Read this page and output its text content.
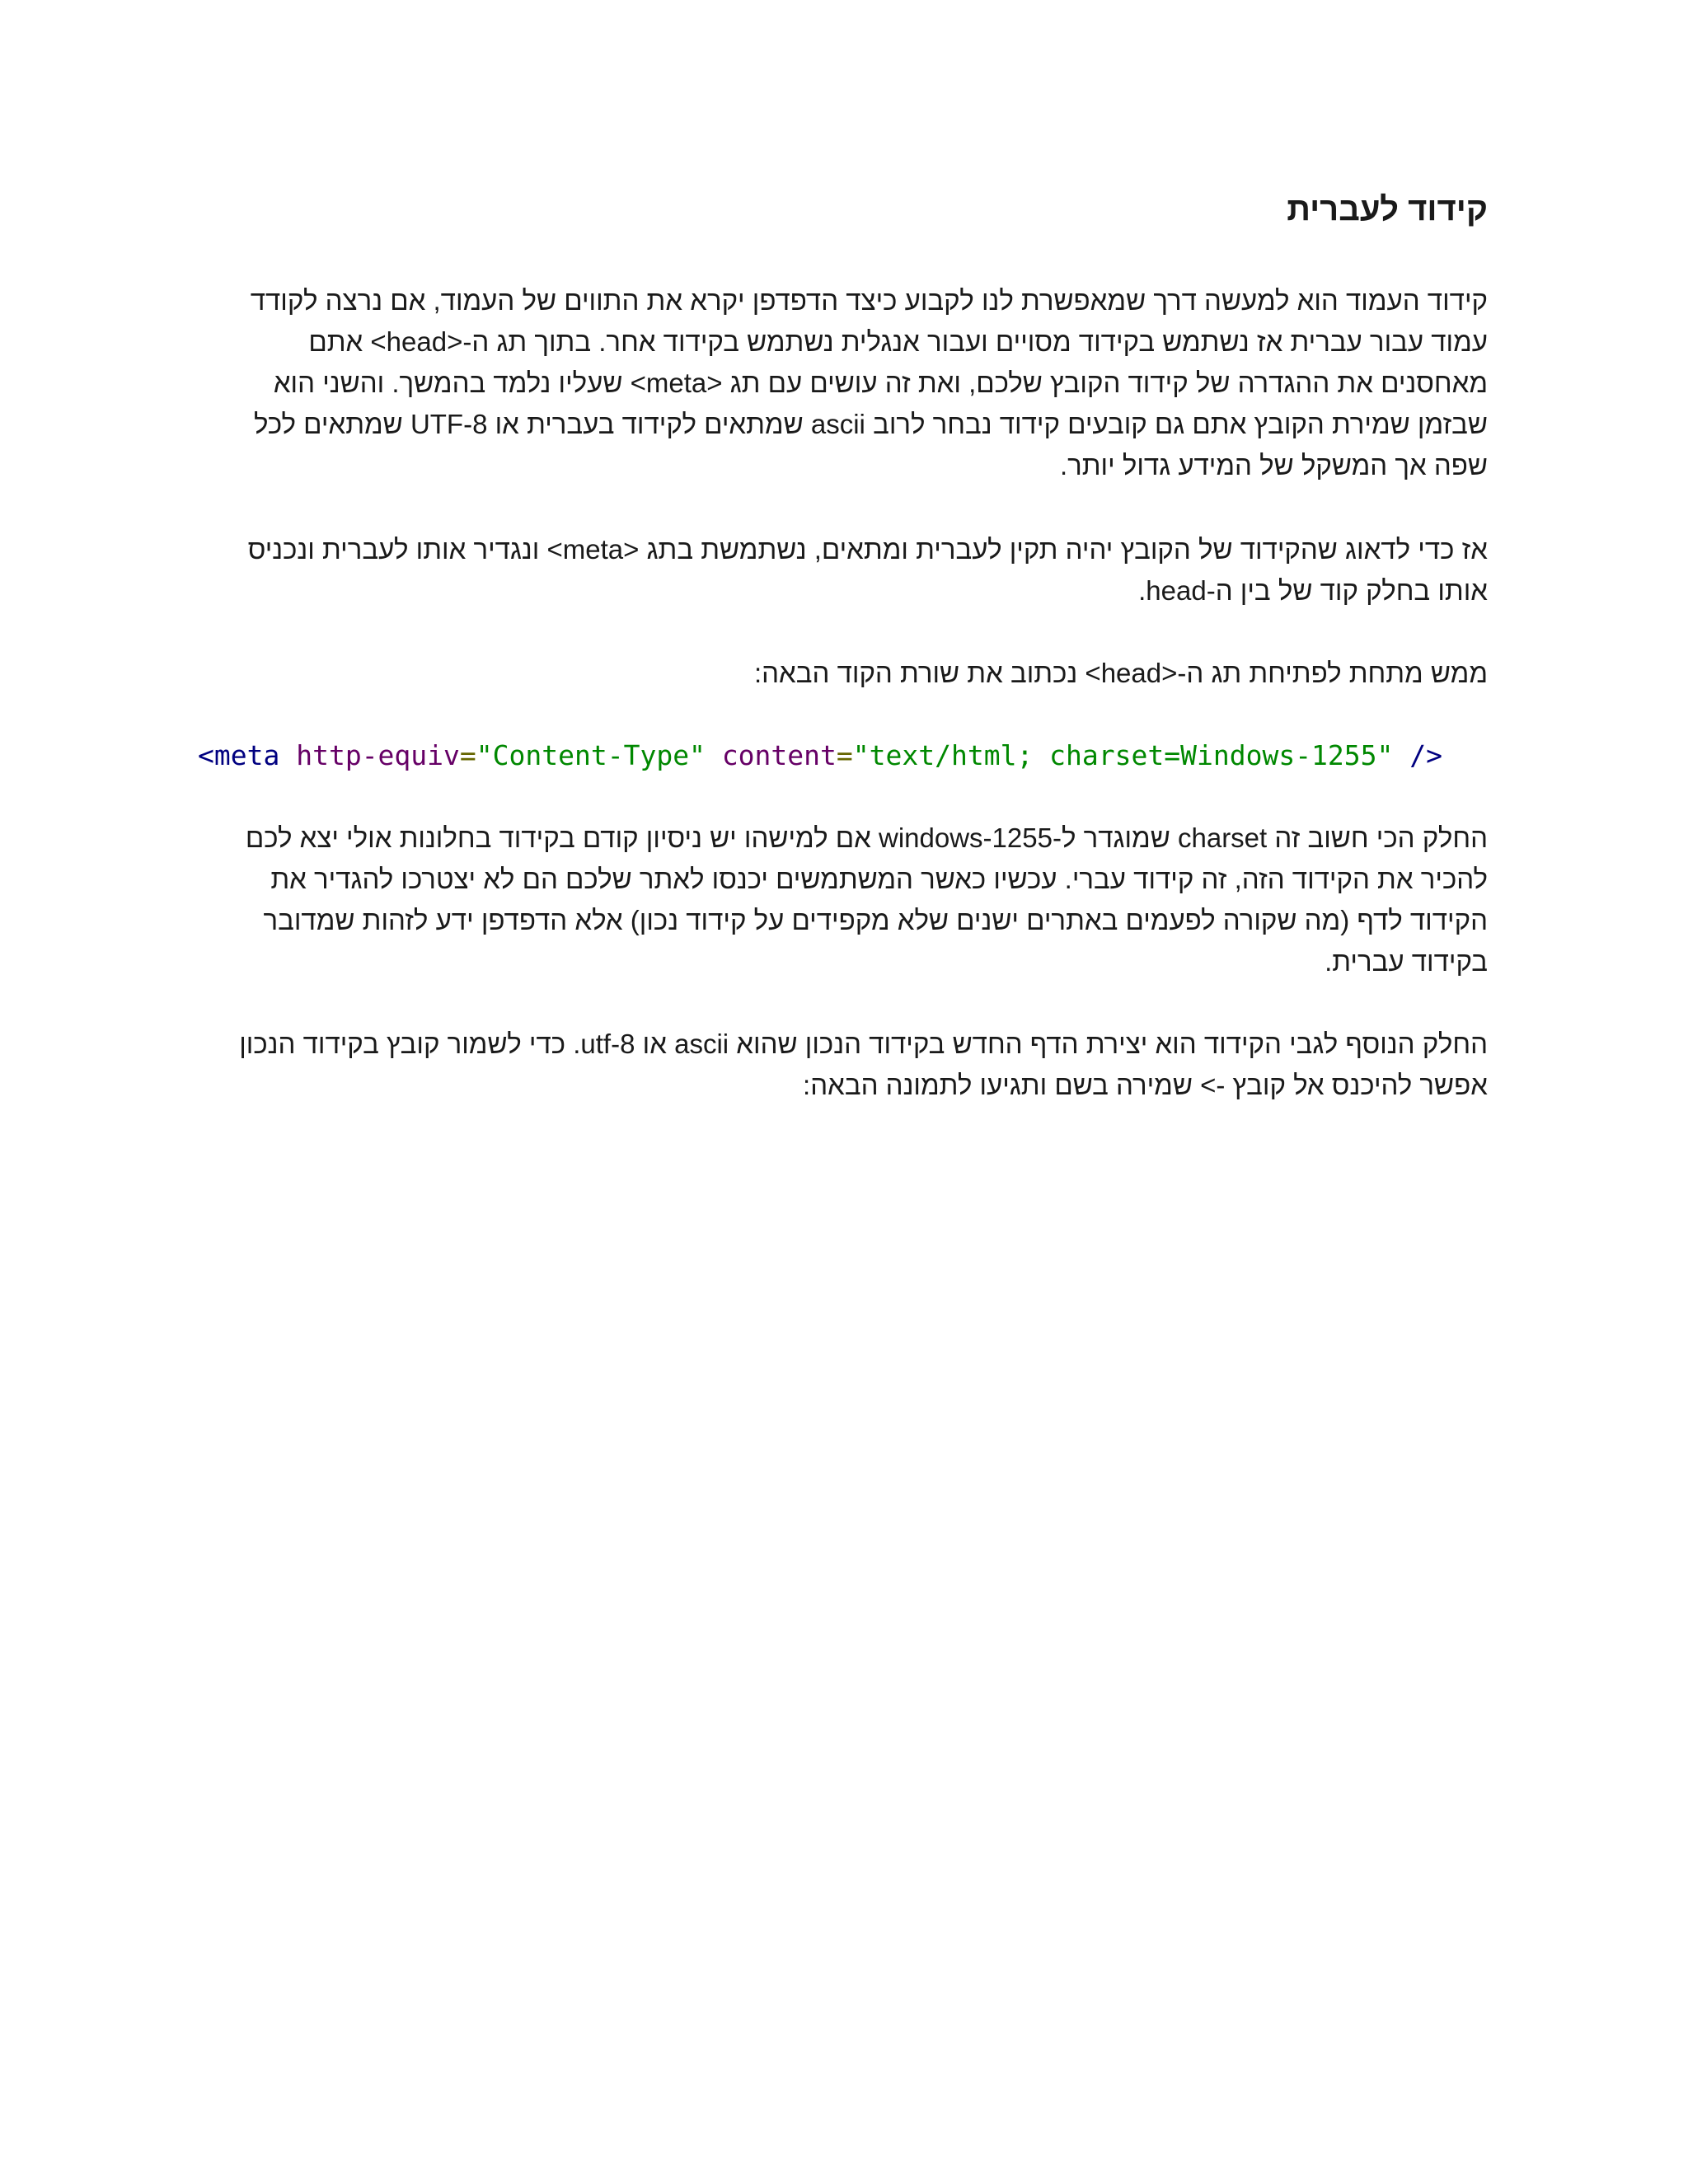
קידוד לעברית

קידוד העמוד הוא למעשה דרך שמאפשרת לנו לקבוע כיצד הדפדפן יקרא את התווים של העמוד, אם נרצה לקודד עמוד עבור עברית אז נשתמש בקידוד מסויים ועבור אנגלית נשתמש בקידוד אחר. בתוך תג ה-<head> אתם מאחסנים את ההגדרה של קידוד הקובץ שלכם, ואת זה עושים עם תג <meta> שעליו נלמד בהמשך. והשני הוא שבזמן שמירת הקובץ אתם גם קובעים קידוד נבחר לרוב ascii שמתאים לקידוד בעברית או UTF-8 שמתאים לכל שפה אך המשקל של המידע גדול יותר.

אז כדי לדאוג שהקידוד של הקובץ יהיה תקין לעברית ומתאים, נשתמשת בתג <meta> ונגדיר אותו לעברית ונכניס אותו בחלק קוד של בין ה-head.

ממש מתחת לפתיחת תג ה-<head> נכתוב את שורת הקוד הבאה:

<meta http-equiv="Content-Type" content="text/html; charset=Windows-1255" />

החלק הכי חשוב זה charset שמוגדר ל-windows-1255 אם למישהו יש ניסיון קודם בקידוד בחלונות אולי יצא לכם להכיר את הקידוד הזה, זה קידוד עברי. עכשיו כאשר המשתמשים יכנסו לאתר שלכם הם לא יצטרכו להגדיר את הקידוד לדף (מה שקורה לפעמים באתרים ישנים שלא מקפידים על קידוד נכון) אלא הדפדפן ידע לזהות שמדובר בקידוד עברית.

החלק הנוסף לגבי הקידוד הוא יצירת הדף החדש בקידוד הנכון שהוא ascii או utf-8. כדי לשמור קובץ בקידוד הנכון אפשר להיכנס אל קובץ -> שמירה בשם ותגיעו לתמונה הבאה:
